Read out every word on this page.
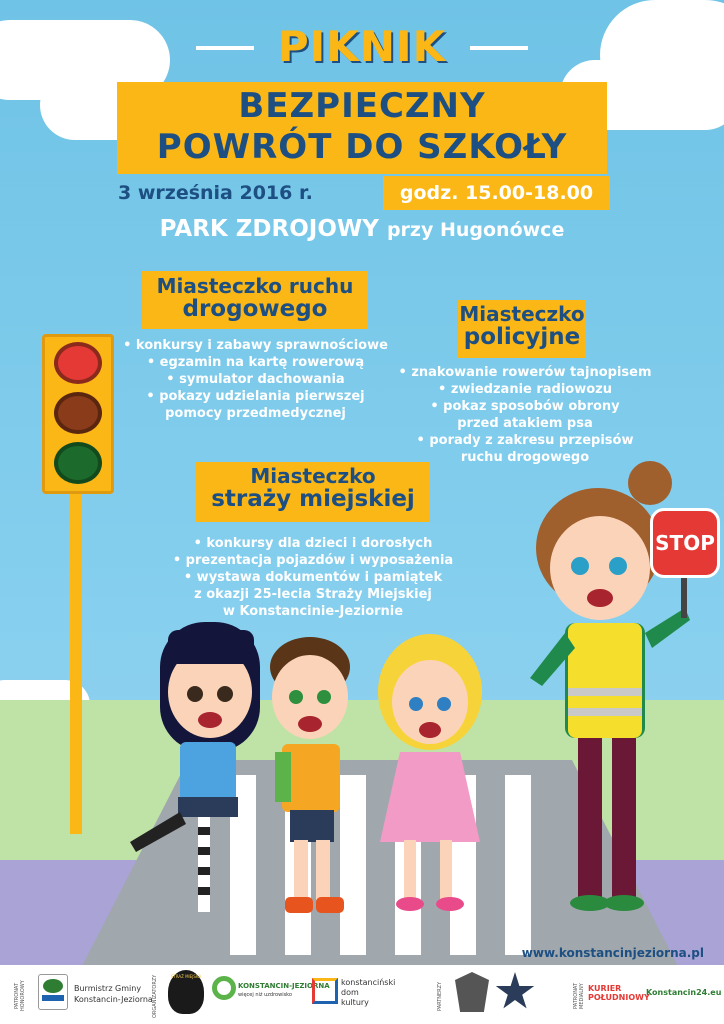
PIKNIK
BEZPIECZNY
POWRÓT DO SZKOŁY
3 września 2016 r.	godz. 15.00-18.00
PARK ZDROJOWY przy Hugonówce
Miasteczko ruchu
drogowego
• konkursy i zabawy sprawnościowe
• egzamin na kartę rowerową
• symulator dachowania
• pokazy udzielania pierwszej
pomocy przedmedycznej
Miasteczko
policyjne
• znakowanie rowerów tajnopisem
• zwiedzanie radiowozu
• pokaz sposobów obrony
przed atakiem psa
• porady z zakresu przepisów
ruchu drogowego
Miasteczko
straży miejskiej
• konkursy dla dzieci i dorosłych
• prezentacja pojazdów i wyposażenia
• wystawa dokumentów i pamiątek
z okazji 25-lecia Straży Miejskiej
w Konstancinie-Jeziornie
STOP
www.konstancinjeziorna.pl
PATRONAT HONOROWY	Burmistrz Gminy
Konstancin-Jeziorna ORGANIZATORZY	STRAŻ MIEJSKA
KONSTANCIN-JEZIORNA
więcej niż uzdrowisko
konstanciński
dom
kultury	PARTNERZY	PATRONAT MEDIALNY KURIER POŁUDNIOWY
Konstancin24.eu
